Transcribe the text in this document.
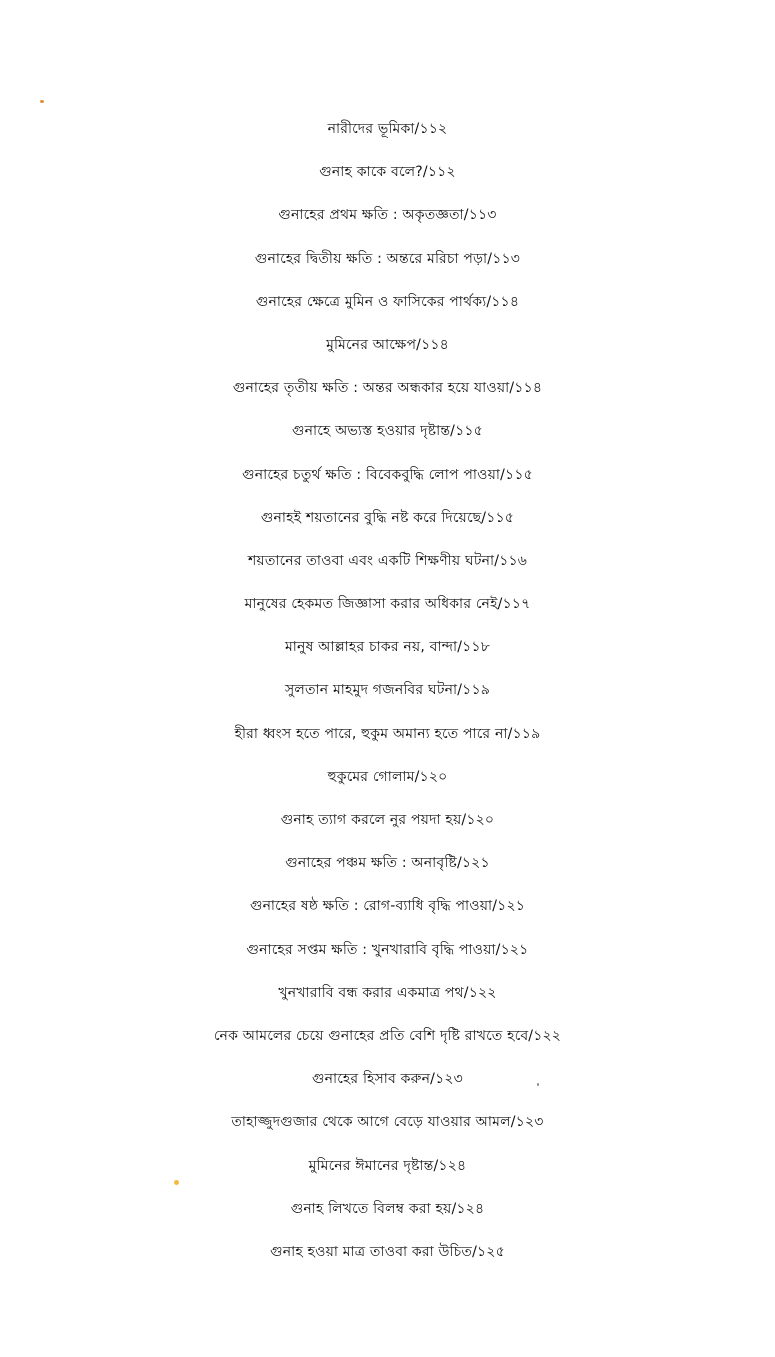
নারীদের ভূমিকা/১১২
গুনাহ কাকে বলে?/১১২
গুনাহের প্রথম ক্ষতি : অকৃতজ্ঞতা/১১৩
গুনাহের দ্বিতীয় ক্ষতি : অন্তরে মরিচা পড়া/১১৩
গুনাহের ক্ষেত্রে মুমিন ও ফাসিকের পার্থক্য/১১৪
মুমিনের আক্ষেপ/১১৪
গুনাহের তৃতীয় ক্ষতি : অন্তর অন্ধকার হয়ে যাওয়া/১১৪
গুনাহে অভ্যস্ত হওয়ার দৃষ্টান্ত/১১৫
গুনাহের চতুর্থ ক্ষতি : বিবেকবুদ্ধি লোপ পাওয়া/১১৫
গুনাহই শয়তানের বুদ্ধি নষ্ট করে দিয়েছে/১১৫
শয়তানের তাওবা এবং একটি শিক্ষণীয় ঘটনা/১১৬
মানুষের হেকমত জিজ্ঞাসা করার অধিকার নেই/১১৭
মানুষ আল্লাহর চাকর নয়, বান্দা/১১৮
সুলতান মাহমুদ গজনবির ঘটনা/১১৯
হীরা ধ্বংস হতে পারে, হুকুম অমান্য হতে পারে না/১১৯
হুকুমের গোলাম/১২০
গুনাহ ত্যাগ করলে নুর পয়দা হয়/১২০
গুনাহের পঞ্চম ক্ষতি : অনাবৃষ্টি/১২১
গুনাহের ষষ্ঠ ক্ষতি : রোগ-ব্যাধি বৃদ্ধি পাওয়া/১২১
গুনাহের সপ্তম ক্ষতি : খুনখারাবি বৃদ্ধি পাওয়া/১২১
খুনখারাবি বন্ধ করার একমাত্র পথ/১২২
নেক আমলের চেয়ে গুনাহের প্রতি বেশি দৃষ্টি রাখতে হবে/১২২
গুনাহের হিসাব করুন/১২৩
তাহাজ্জুদগুজার থেকে আগে বেড়ে যাওয়ার আমল/১২৩
মুমিনের ঈমানের দৃষ্টান্ত/১২৪
গুনাহ লিখতে বিলম্ব করা হয়/১২৪
গুনাহ হওয়া মাত্র তাওবা করা উচিত/১২৫
